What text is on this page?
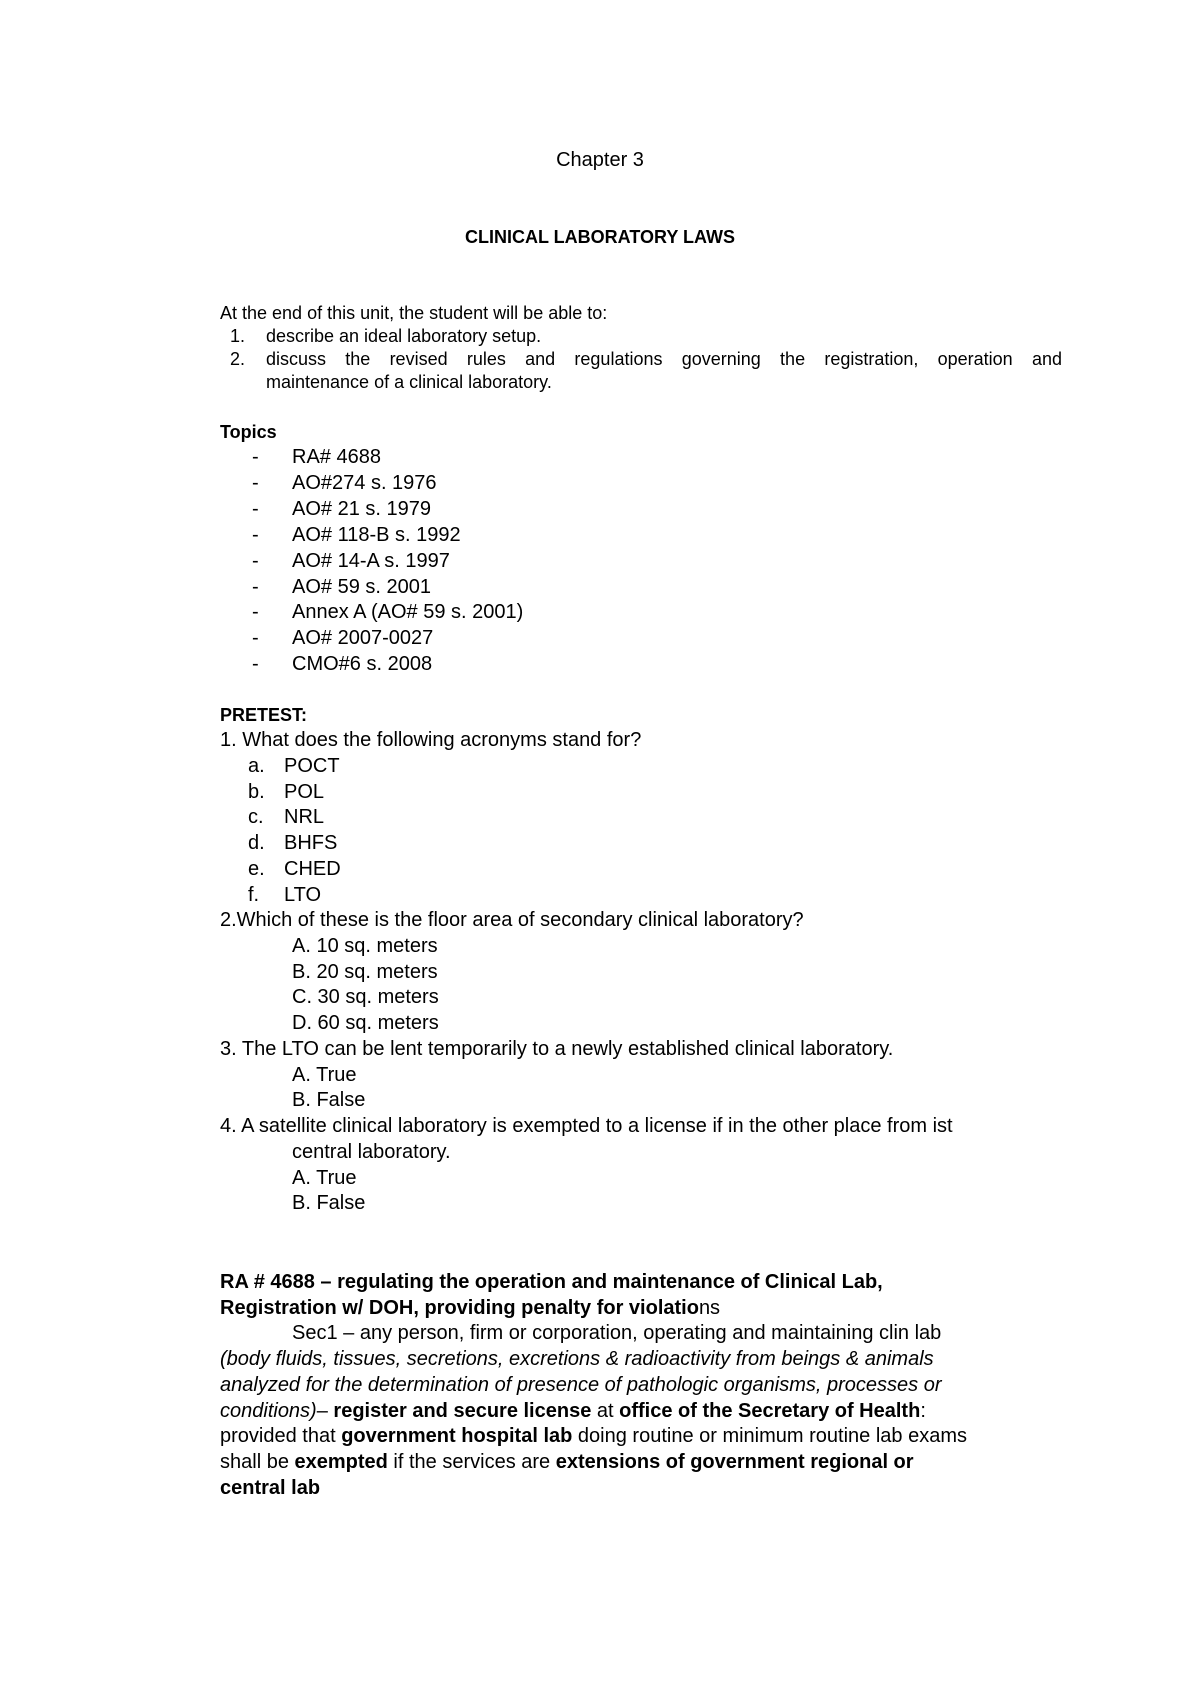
Chapter 3
CLINICAL LABORATORY LAWS
At the end of this unit, the student will be able to:
1. describe an ideal laboratory setup.
2. discuss the revised rules and regulations governing the registration, operation and
maintenance of a clinical laboratory.
Topics
- RA# 4688
- AO#274 s. 1976
- AO# 21 s. 1979
- AO# 118-B s. 1992
- AO# 14-A s. 1997
- AO# 59 s. 2001
- Annex A (AO# 59 s. 2001)
- AO# 2007-0027
- CMO#6 s. 2008
PRETEST:
1. What does the following acronyms stand for?
a. POCT
b. POL
c. NRL
d. BHFS
e. CHED
f. LTO
2.Which of these is the floor area of secondary clinical laboratory?
A. 10 sq. meters
B. 20 sq. meters
C. 30 sq. meters
D. 60 sq. meters
3. The LTO can be lent temporarily to a newly established clinical laboratory.
A. True
B. False
4. A satellite clinical laboratory is exempted to a license if in the other place from ist
central laboratory.
A. True
B. False
RA # 4688 – regulating the operation and maintenance of Clinical Lab,
Registration w/ DOH, providing penalty for violations
Sec1 – any person, firm or corporation, operating and maintaining clin lab
(body fluids, tissues, secretions, excretions & radioactivity from beings & animals
analyzed for the determination of presence of pathologic organisms, processes or
conditions)– register and secure license at office of the Secretary of Health:
provided that government hospital lab doing routine or minimum routine lab exams
shall be exempted if the services are extensions of government regional or
central lab
